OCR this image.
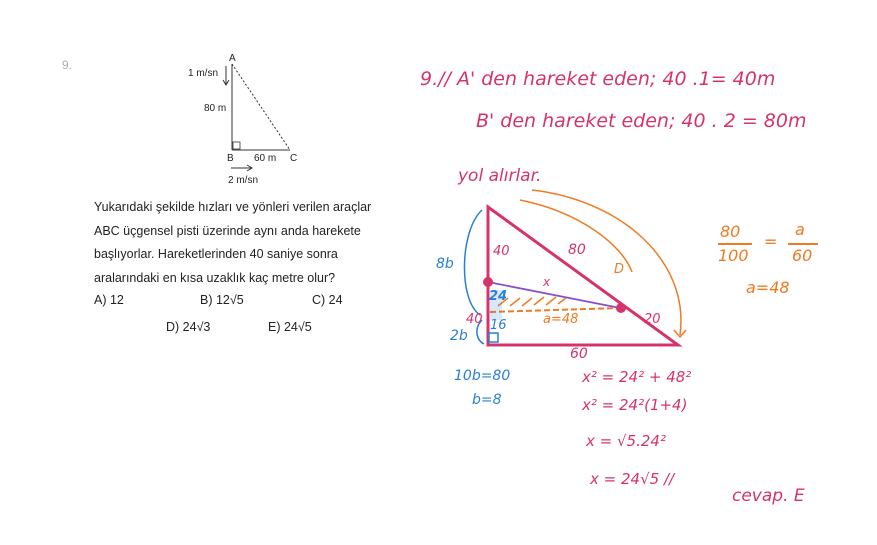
9.	A
1 m/sn
80 m
B 60 m C
2 m/sn
Yukarıdaki şekilde hızları ve yönleri verilen araçlar ABC üçgensel pisti üzerinde aynı anda harekete başlıyorlar. Hareketlerinden 40 saniye sonra aralarındaki en kısa uzaklık kaç metre olur?
A) 12	B) 12√5	C) 24
D) 24√3	E) 24√5
9.// A' den hareket eden; 40 .1= 40m
B' den hareket eden; 40 . 2 = 80m
yol alırlar.
40
8b
80
D
x
24
40 16
2b
a=48	20
60
80
100
=
a
60
a=48
10b=80
b=8
x² = 24² + 48²
x² = 24²(1+4)
x = √5.24²
x = 24√5 //
cevap. E
